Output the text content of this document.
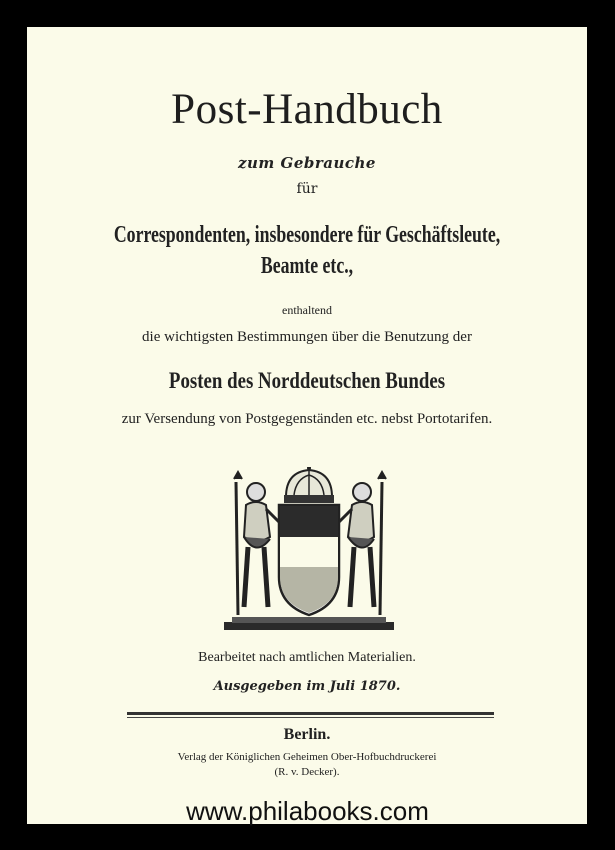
Post-Handbuch
zum Gebrauche
für
Correspondenten, insbesondere für Geschäftsleute,
Beamte etc.,
enthaltend
die wichtigsten Bestimmungen über die Benutzung der
Posten des Norddeutschen Bundes
zur Versendung von Postgegenständen etc. nebst Portotarifen.
Bearbeitet nach amtlichen Materialien.
Ausgegeben im Juli 1870.
Berlin.
Verlag der Königlichen Geheimen Ober-Hofbuchdruckerei
(R. v. Decker).
www.philabooks.com
